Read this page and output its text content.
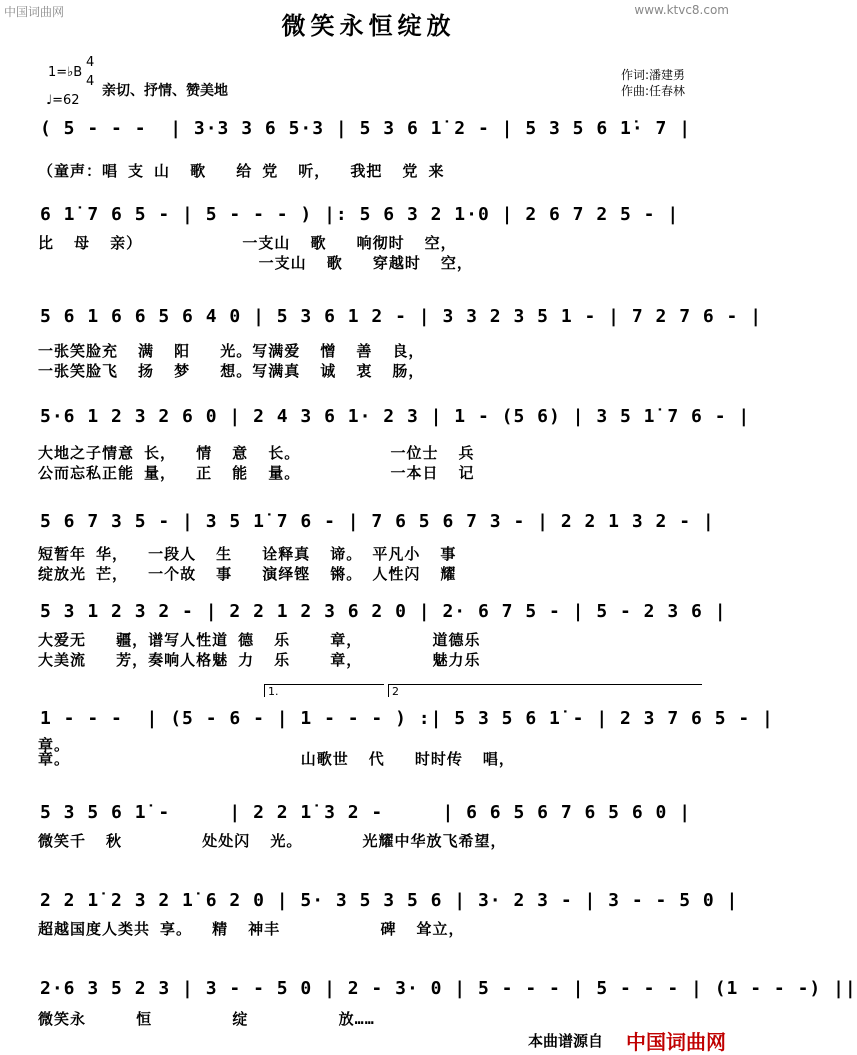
中国词曲网	www.ktvc8.com
微笑永恒绽放
作词:潘建勇
作曲:任春林
1=♭B
4
4
♩=62
亲切、抒情、赞美地
( 5 - - -  | 3·3 3 6 5·3 | 5 3 6 1̇ 2 - | 5 3 5 6 1̇· 7 |
（童声：唱 支 山  歌   给 党  听，  我把  党 来
6 1̇ 7 6 5 - | 5 - - - ) |: 5 6 3 2 1·0 | 2 6 7 2 5 - |
比  母  亲）          一支山  歌   响彻时  空，
一支山  歌   穿越时  空，
5 6 1 6 6 5 6 4 0 | 5 3 6 1 2 - | 3 3 2 3 5 1 - | 7 2 7 6 - |
一张笑脸充  满  阳   光。写满爱  憎  善  良，
一张笑脸飞  扬  梦   想。写满真  诚  衷  肠，
5·6 1 2 3 2 6 0 | 2 4 3 6 1· 2 3 | 1 - (5 6) | 3 5 1̇ 7 6 - |
大地之子情意 长，  情  意  长。         一位士  兵
公而忘私正能 量，  正  能  量。         一本日  记
5 6 7 3 5 - | 3 5 1̇ 7 6 - | 7 6 5 6 7 3 - | 2 2 1 3 2 - |
短暂年 华，  一段人  生   诠释真  谛。 平凡小  事
绽放光 芒，  一个故  事   演绎铿  锵。 人性闪  耀
5 3 1 2 3 2 - | 2 2 1 2 3 6 2 0 | 2· 6 7 5 - | 5 - 2 3 6 |
大爱无   疆，谱写人性道 德  乐    章，       道德乐
大美流   芳，奏响人格魅 力  乐    章，       魅力乐
1.	2
1 - - -  | (5 - 6 - | 1 - - - ) :| 5 3 5 6 1̇ - | 2 3 7 6 5 - |
章。
章。                       山歌世  代   时时传  唱，
5 3 5 6 1̇ -     | 2 2 1̇ 3 2 -     | 6 6 5 6 7 6 5 6 0 |
微笑千  秋        处处闪  光。      光耀中华放飞希望，
2 2 1̇ 2 3 2 1̇ 6 2 0 | 5· 3 5 3 5 6 | 3· 2 3 - | 3 - - 5 0 |
超越国度人类共 享。  精  神丰          碑  耸立，
2·6 3 5 2 3 | 3 - - 5 0 | 2 - 3· 0 | 5 - - - | 5 - - - | (1 - - -) ||
微笑永     恒        绽         放……
本曲谱源自 中国词曲网
